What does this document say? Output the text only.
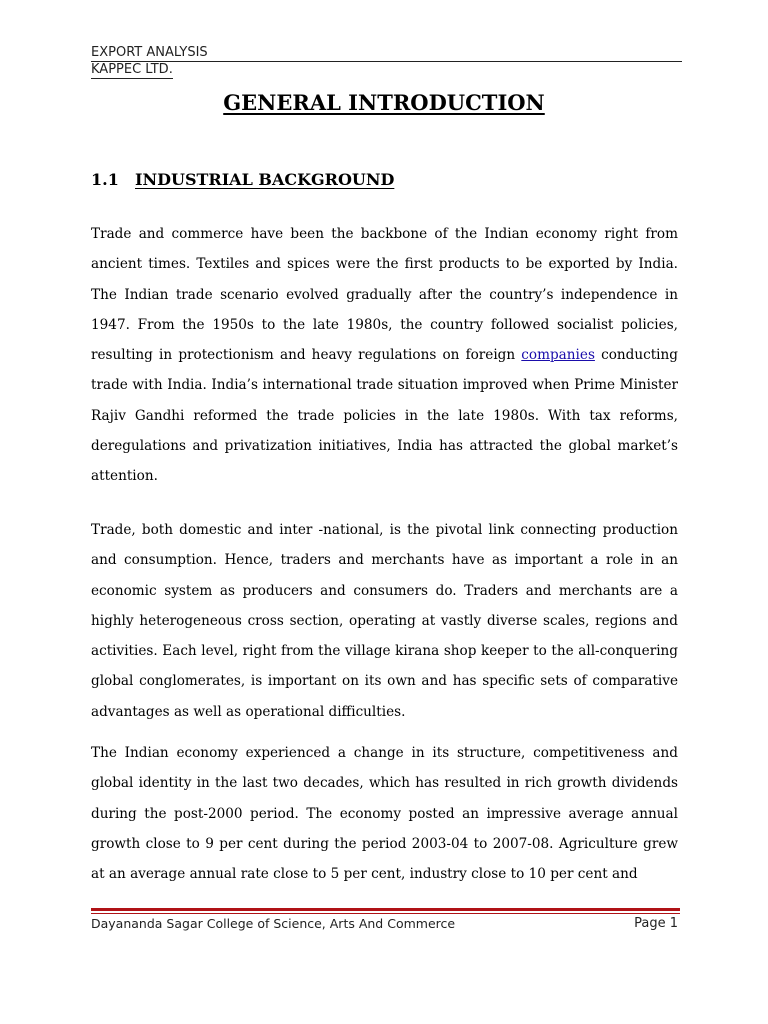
EXPORT ANALYSIS
KAPPEC LTD.
GENERAL INTRODUCTION
1.1 INDUSTRIAL BACKGROUND

Trade and commerce have been the backbone of the Indian economy right from ancient times. Textiles and spices were the first products to be exported by India. The Indian trade scenario evolved gradually after the country’s independence in 1947. From the 1950s to the late 1980s, the country followed socialist policies, resulting in protectionism and heavy regulations on foreign companies conducting trade with India. India’s international trade situation improved when Prime Minister Rajiv Gandhi reformed the trade policies in the late 1980s. With tax reforms, deregulations and privatization initiatives, India has attracted the global market’s attention.

Trade, both domestic and inter -national, is the pivotal link connecting production and consumption. Hence, traders and merchants have as important a role in an economic system as producers and consumers do. Traders and merchants are a highly heterogeneous cross section, operating at vastly diverse scales, regions and activities. Each level, right from the village kirana shop keeper to the all-conquering global conglomerates, is important on its own and has specific sets of comparative advantages as well as operational difficulties.

The Indian economy experienced a change in its structure, competitiveness and global identity in the last two decades, which has resulted in rich growth dividends during the post-2000 period. The economy posted an impressive average annual growth close to 9 per cent during the period 2003-04 to 2007-08. Agriculture grew at an average annual rate close to 5 per cent, industry close to 10 per cent and

Dayananda Sagar College of Science, Arts And Commerce	Page 1
